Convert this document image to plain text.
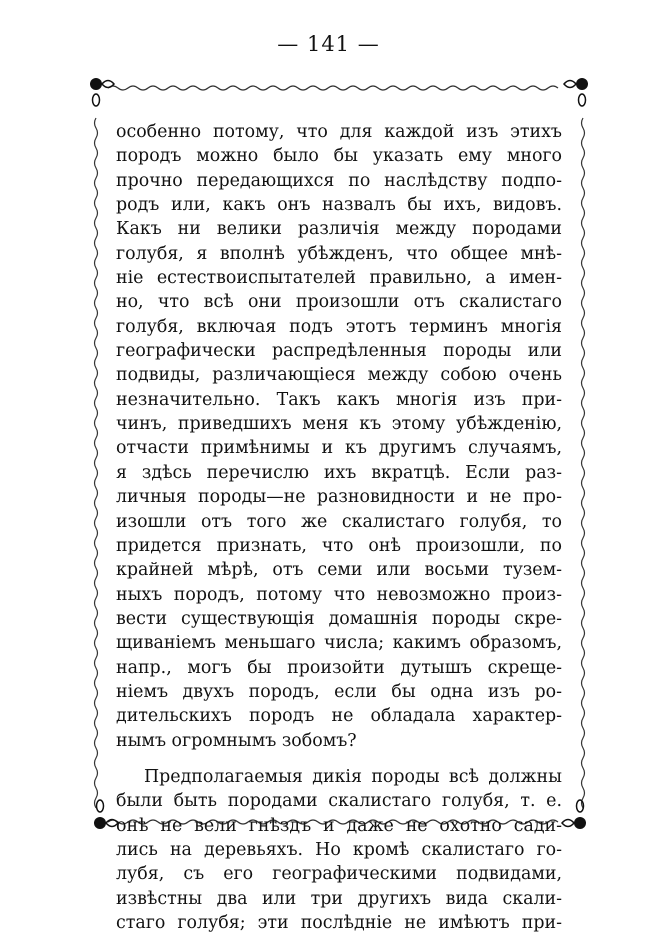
— 141 —
особенно потому, что для каждой изъ этихъ
породъ можно было бы указать ему много
прочно передающихся по наслѣдству подпо-
родъ или, какъ онъ назвалъ бы ихъ, видовъ.
Какъ ни велики различія между породами
голубя, я вполнѣ убѣжденъ, что общее мнѣ-
ніе естествоиспытателей правильно, а имен-
но, что всѣ они произошли отъ скалистаго
голубя, включая подъ этотъ терминъ многія
географически распредѣленныя породы или
подвиды, различающіеся между собою очень
незначительно. Такъ какъ многія изъ при-
чинъ, приведшихъ меня къ этому убѣжденію,
отчасти примѣнимы и къ другимъ случаямъ,
я здѣсь перечислю ихъ вкратцѣ. Если раз-
личныя породы—не разновидности и не про-
изошли отъ того же скалистаго голубя, то
придется признать, что онѣ произошли, по
крайней мѣрѣ, отъ семи или восьми тузем-
ныхъ породъ, потому что невозможно произ-
вести существующія домашнія породы скре-
щиваніемъ меньшаго числа; какимъ образомъ,
напр., могъ бы произойти дутышъ скреще-
ніемъ двухъ породъ, если бы одна изъ ро-
дительскихъ породъ не обладала характер-
нымъ огромнымъ зобомъ?
Предполагаемыя дикія породы всѣ должны
были быть породами скалистаго голубя, т. е.
онѣ не вели гнѣздъ и даже не охотно сади-
лись на деревьяхъ. Но кромѣ скалистаго го-
лубя, съ его географическими подвидами,
извѣстны два или три другихъ вида скали-
стаго голубя; эти послѣдніе не имѣютъ при-
